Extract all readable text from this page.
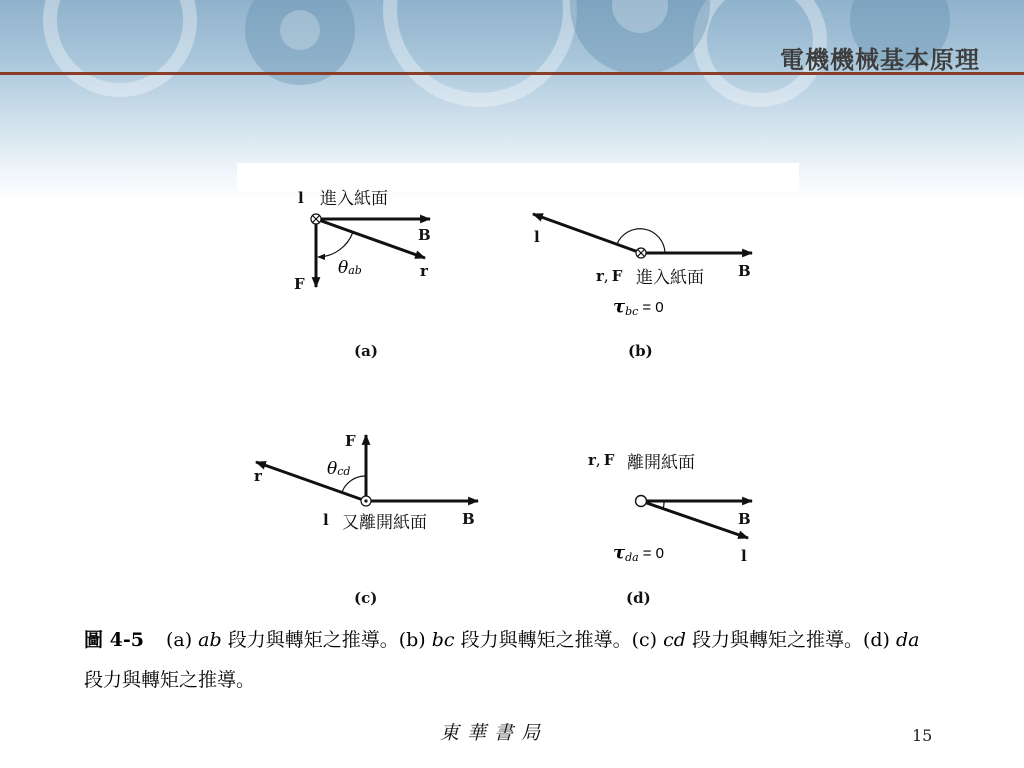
電機機械基本原理
l 進入紙面
B
r
F
θab
(a)
l
r, F 進入紙面 B
τbc = 0
(b)
F
r	θcd
l 又離開紙面 B
(c)
r, F 離開紙面
B
l
τda = 0
(d)
圖 4-5 (a) ab 段力與轉矩之推導。(b) bc 段力與轉矩之推導。(c) cd 段力與轉矩之推導。(d) da 段力與轉矩之推導。
東華書局	15
